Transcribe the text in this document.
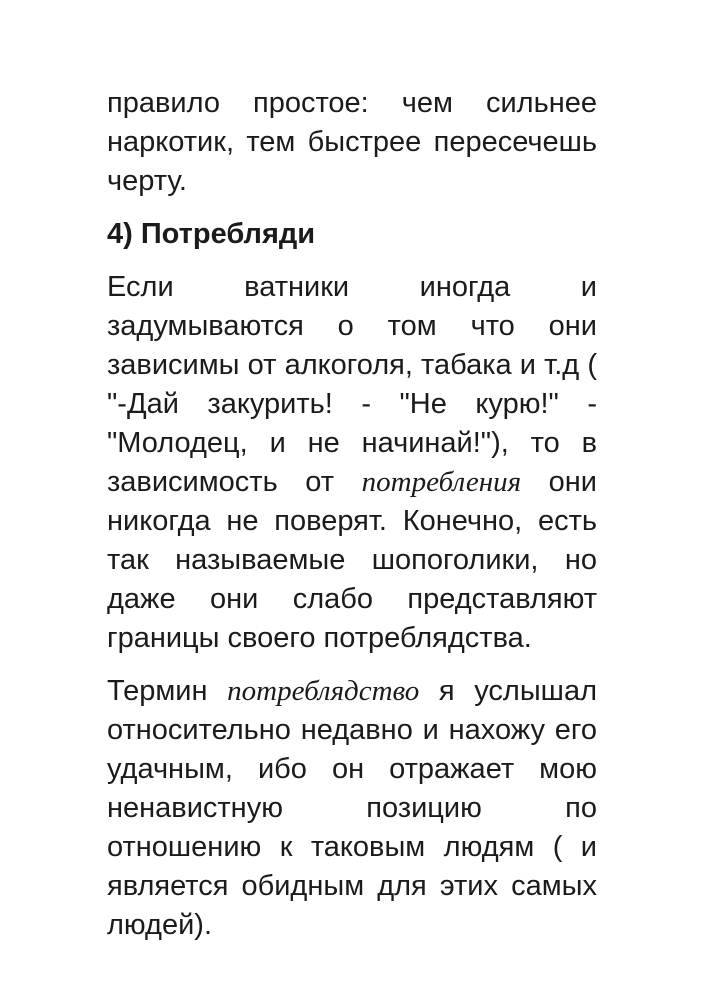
правило простое: чем сильнее наркотик, тем быстрее пересечешь черту.

4) Потребляди

Если ватники иногда и задумываются о том что они зависимы от алкоголя, табака и т.д ( "-Дай закурить! - "Не курю!" -"Молодец, и не начинай!"), то в зависимость от потребления они никогда не поверят. Конечно, есть так называемые шопоголики, но даже они слабо представляют границы своего потреблядства.

Термин потреблядство я услышал относительно недавно и нахожу его удачным, ибо он отражает мою ненавистную позицию по отношению к таковым людям ( и является обидным для этих самых людей).
